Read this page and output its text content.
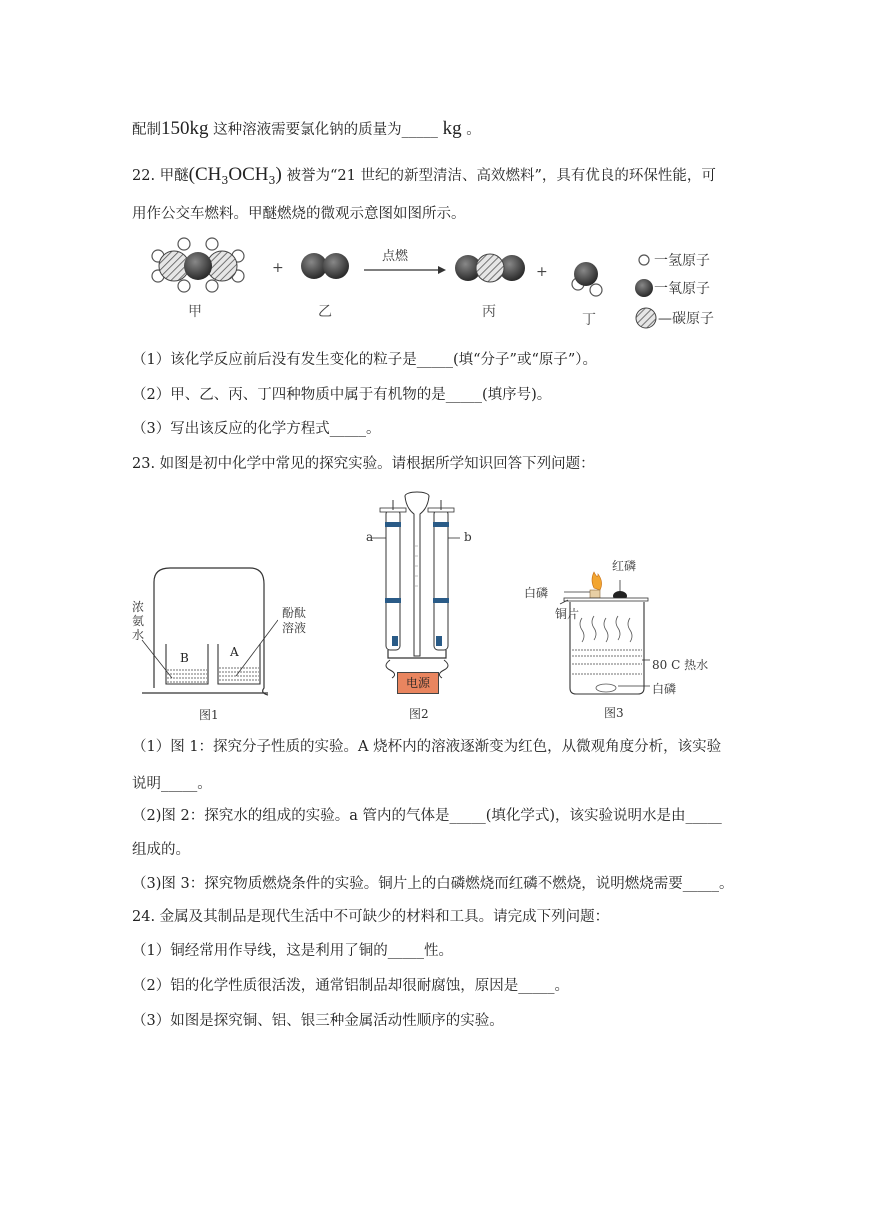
配制150kg 这种溶液需要氯化钠的质量为_____ kg 。
22. 甲醚$(CH_3OCH_3)$ 被誉为“21 世纪的新型清洁、高效燃料”，具有优良的环保性能，可
用作公交车燃料。甲醚燃烧的微观示意图如图所示。
+
点燃
+
一氢原子
一氧原子
—碳原子
甲	乙	丙	丁
（1）该化学反应前后没有发生变化的粒子是_____(填“分子”或“原子”）。
（2）甲、乙、丙、丁四种物质中属于有机物的是_____(填序号)。
（3）写出该反应的化学方程式_____。
23. 如图是初中化学中常见的探究实验。请根据所学知识回答下列问题：
B	A
浓
氨
水
酚酞
溶液
图1
a	b
电源
图2
红磷
白磷
铜片
80 C 热水
白磷
图3
（1）图 1：探究分子性质的实验。A 烧杯内的溶液逐渐变为红色，从微观角度分析，该实验
说明_____。
（2)图 2：探究水的组成的实验。a 管内的气体是_____(填化学式)，该实验说明水是由_____
组成的。
（3)图 3：探究物质燃烧条件的实验。铜片上的白磷燃烧而红磷不燃烧，说明燃烧需要_____。
24. 金属及其制品是现代生活中不可缺少的材料和工具。请完成下列问题：
（1）铜经常用作导线，这是利用了铜的_____性。
（2）铝的化学性质很活泼，通常铝制品却很耐腐蚀，原因是_____。
（3）如图是探究铜、铝、银三种金属活动性顺序的实验。
